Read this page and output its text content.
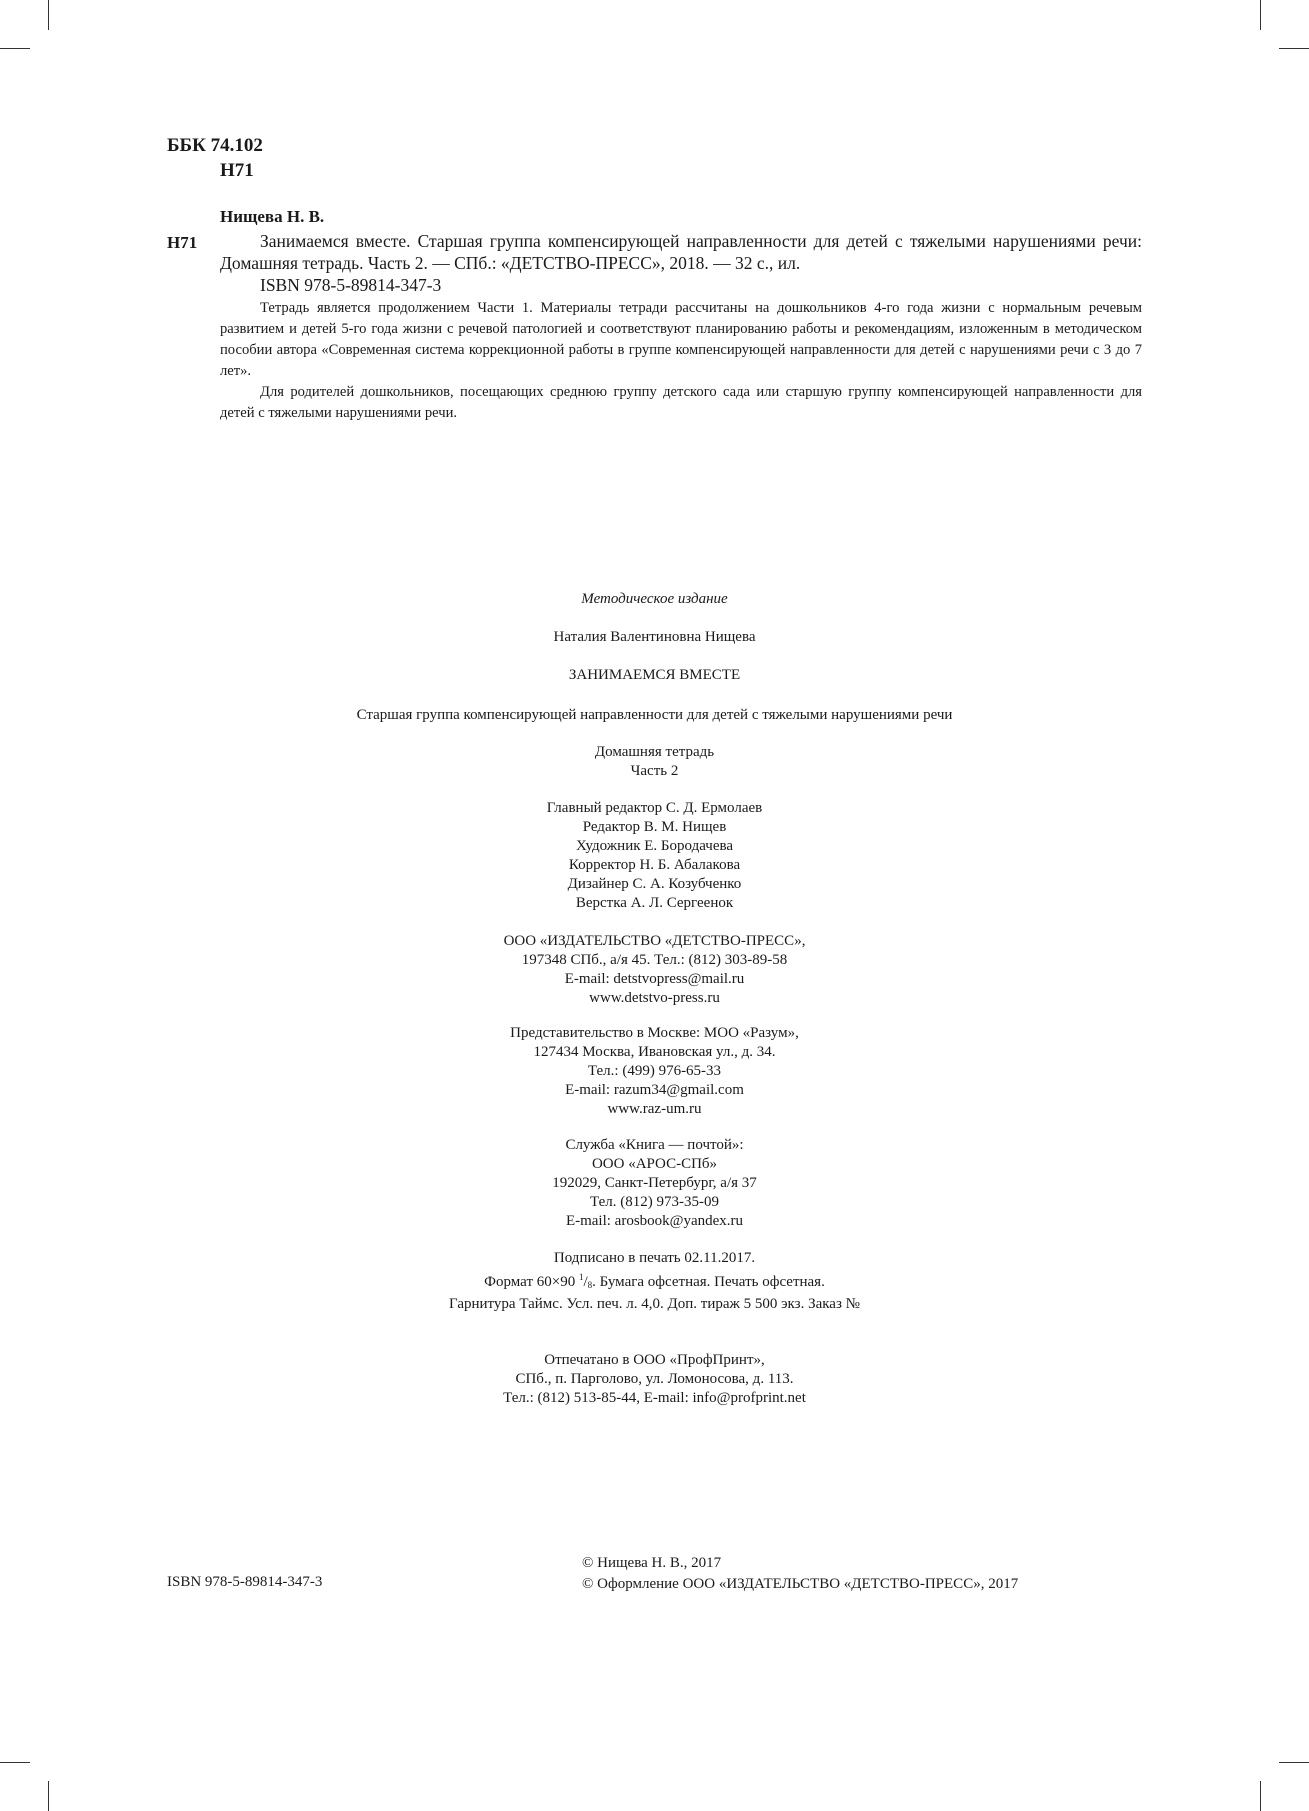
ББК 74.102
Н71
Нищева Н. В.
Н71	Занимаемся вместе. Старшая группа компенсирующей направленности для детей с тяжелыми нарушениями речи: Домашняя тетрадь. Часть 2. — СПб.: «ДЕТСТВО-ПРЕСС», 2018. — 32 с., ил.

ISBN 978-5-89814-347-3

Тетрадь является продолжением Части 1. Материалы тетради рассчитаны на дошкольников 4-го года жизни с нормальным речевым развитием и детей 5-го года жизни с речевой патологией и соответствуют планированию работы и рекомендациям, изложенным в методическом пособии автора «Современная система коррекционной работы в группе компенсирующей направленности для детей с нарушениями речи с 3 до 7 лет».

Для родителей дошкольников, посещающих среднюю группу детского сада или старшую группу компенсирующей направленности для детей с тяжелыми нарушениями речи.

Методическое издание
Наталия Валентиновна Нищева
ЗАНИМАЕМСЯ ВМЕСТЕ
Старшая группа компенсирующей направленности для детей с тяжелыми нарушениями речи
Домашняя тетрадь
Часть 2
Главный редактор С. Д. Ермолаев
Редактор В. М. Нищев
Художник Е. Бородачева
Корректор Н. Б. Абалакова
Дизайнер С. А. Козубченко
Верстка А. Л. Сергеенок
ООО «ИЗДАТЕЛЬСТВО «ДЕТСТВО-ПРЕСС»,
197348 СПб., а/я 45. Тел.: (812) 303-89-58
E-mail: detstvopress@mail.ru
www.detstvo-press.ru
Представительство в Москве: МОО «Разум»,
127434 Москва, Ивановская ул., д. 34.
Тел.: (499) 976-65-33
E-mail: razum34@gmail.com
www.raz-um.ru
Служба «Книга — почтой»:
ООО «АРОС-СПб»
192029, Санкт-Петербург, а/я 37
Тел. (812) 973-35-09
E-mail: arosbook@yandex.ru
Подписано в печать 02.11.2017.
Формат 60×90 $^1/_8$. Бумага офсетная. Печать офсетная.
Гарнитура Таймс. Усл. печ. л. 4,0. Доп. тираж 5 500 экз. Заказ №
Отпечатано в ООО «ПрофПринт»,
СПб., п. Парголово, ул. Ломоносова, д. 113.
Тел.: (812) 513-85-44, E-mail: info@profprint.net
ISBN 978-5-89814-347-3
© Нищева Н. В., 2017
© Оформление ООО «ИЗДАТЕЛЬСТВО «ДЕТСТВО-ПРЕСС», 2017
